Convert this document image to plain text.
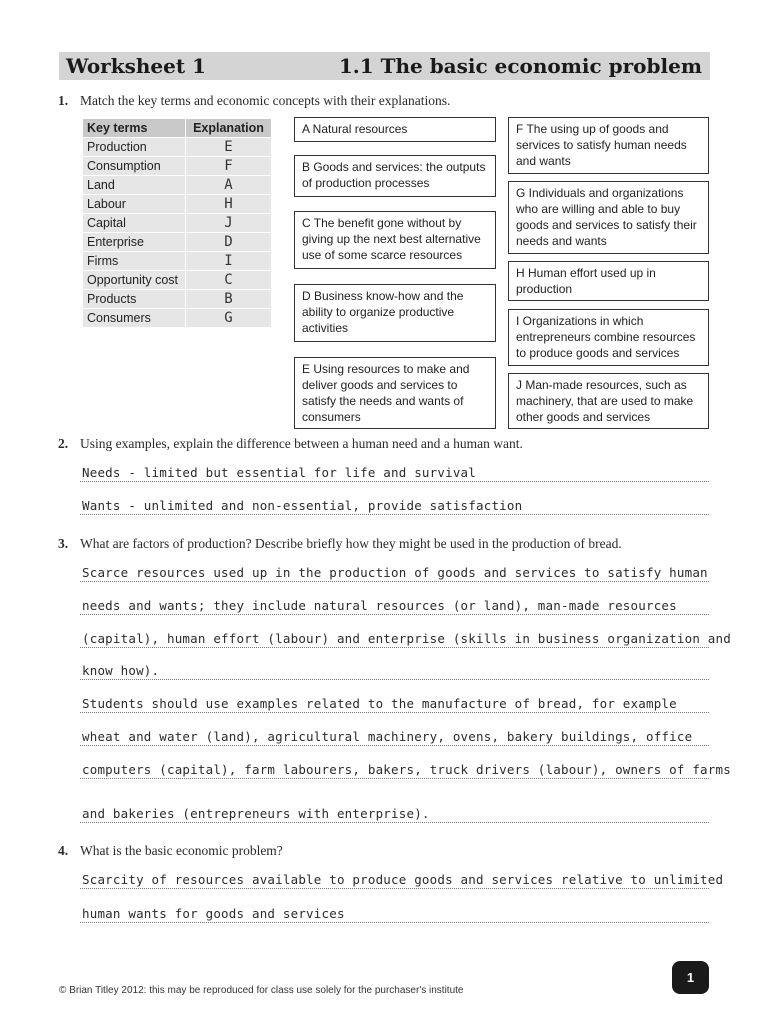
Worksheet 1	1.1 The basic economic problem
1. Match the key terms and economic concepts with their explanations.
Key terms	Explanation
Production	E
Consumption	F
Land	A
Labour	H
Capital	J
Enterprise	D
Firms	I
Opportunity cost	C
Products	B
Consumers	G
A Natural resources
B Goods and services: the outputs of production processes
C The benefit gone without by giving up the next best alternative use of some scarce resources
D Business know-how and the ability to organize productive activities
E Using resources to make and deliver goods and services to satisfy the needs and wants of consumers
F The using up of goods and services to satisfy human needs and wants
G Individuals and organizations who are willing and able to buy goods and services to satisfy their needs and wants
H Human effort used up in production
I Organizations in which entrepreneurs combine resources to produce goods and services
J Man-made resources, such as machinery, that are used to make other goods and services
2. Using examples, explain the difference between a human need and a human want.
Needs - limited but essential for life and survival
Wants - unlimited and non-essential, provide satisfaction
3. What are factors of production? Describe briefly how they might be used in the production of bread.
Scarce resources used up in the production of goods and services to satisfy human
needs and wants; they include natural resources (or land), man-made resources
(capital), human effort (labour) and enterprise (skills in business organization and
know how).
Students should use examples related to the manufacture of bread, for example
wheat and water (land), agricultural machinery, ovens, bakery buildings, office
computers (capital), farm labourers, bakers, truck drivers (labour), owners of farms
and bakeries (entrepreneurs with enterprise).
4. What is the basic economic problem?
Scarcity of resources available to produce goods and services relative to unlimited
human wants for goods and services
1
© Brian Titley 2012: this may be reproduced for class use solely for the purchaser's institute
